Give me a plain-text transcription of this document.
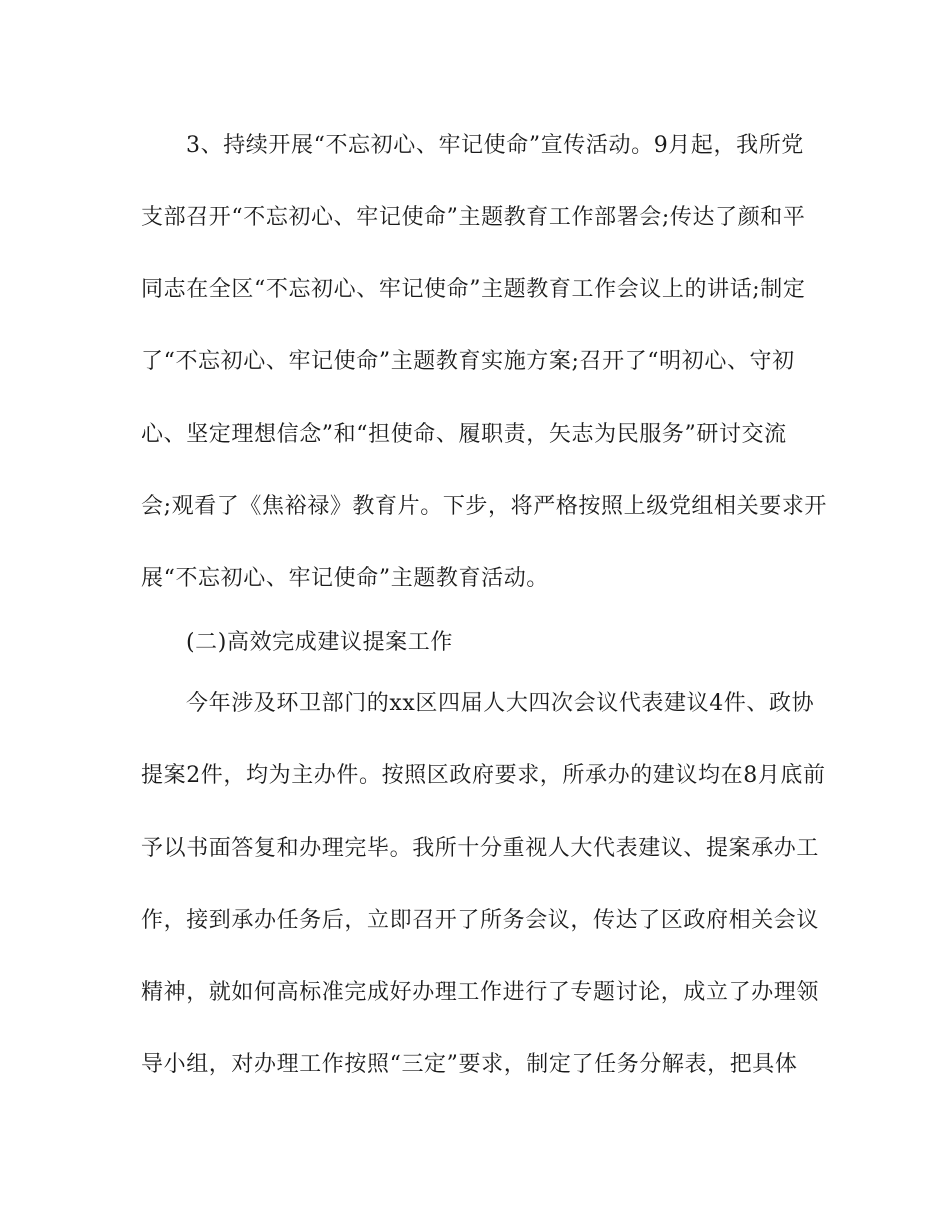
3、持续开展“不忘初心、牢记使命”宣传活动。9月起，我所党

支部召开“不忘初心、牢记使命”主题教育工作部署会;传达了颜和平

同志在全区“不忘初心、牢记使命”主题教育工作会议上的讲话;制定

了“不忘初心、牢记使命”主题教育实施方案;召开了“明初心、守初

心、坚定理想信念”和“担使命、履职责，矢志为民服务”研讨交流

会;观看了《焦裕禄》教育片。下步，将严格按照上级党组相关要求开

展“不忘初心、牢记使命”主题教育活动。

(二)高效完成建议提案工作

今年涉及环卫部门的xx区四届人大四次会议代表建议4件、政协

提案2件，均为主办件。按照区政府要求，所承办的建议均在8月底前

予以书面答复和办理完毕。我所十分重视人大代表建议、提案承办工

作，接到承办任务后，立即召开了所务会议，传达了区政府相关会议

精神，就如何高标准完成好办理工作进行了专题讨论，成立了办理领

导小组，对办理工作按照“三定”要求，制定了任务分解表，把具体
